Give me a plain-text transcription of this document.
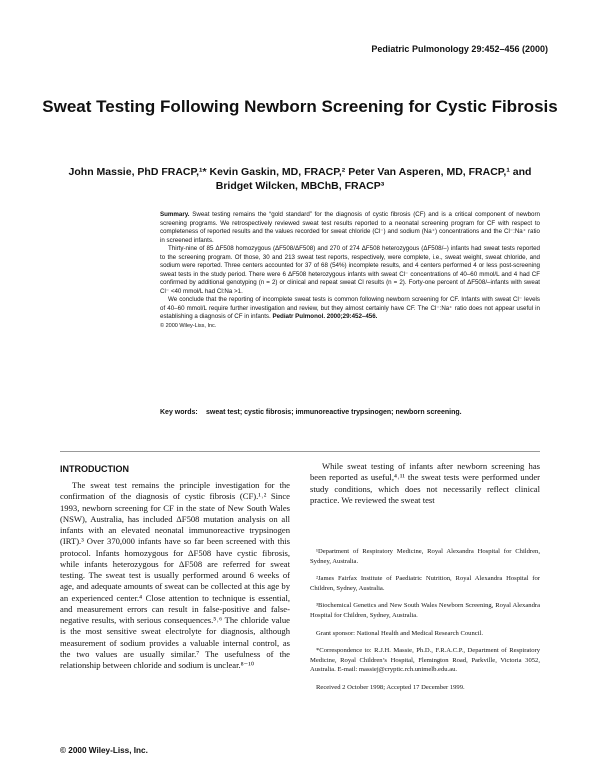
Pediatric Pulmonology 29:452–456 (2000)
Sweat Testing Following Newborn Screening for Cystic Fibrosis
John Massie, PhD FRACP,¹* Kevin Gaskin, MD, FRACP,² Peter Van Asperen, MD, FRACP,¹ and Bridget Wilcken, MBChB, FRACP³

Summary. Sweat testing remains the “gold standard” for the diagnosis of cystic fibrosis (CF) and is a critical component of newborn screening programs. We retrospectively reviewed sweat test results reported to a neonatal screening program for CF with respect to completeness of reported results and the values recorded for sweat chloride (Cl⁻) and sodium (Na⁺) concentrations and the Cl⁻:Na⁺ ratio in screened infants.

Thirty-nine of 85 ΔF508 homozygous (ΔF508/ΔF508) and 270 of 274 ΔF508 heterozygous (ΔF508/–) infants had sweat tests reported to the screening program. Of those, 30 and 213 sweat test reports, respectively, were complete, i.e., sweat weight, sweat chloride, and sodium were reported. Three centers accounted for 37 of 68 (54%) incomplete results, and 4 centers performed 4 or less post-screening sweat tests in the study period. There were 6 ΔF508 heterozygous infants with sweat Cl⁻ concentrations of 40–60 mmol/L and 4 had CF confirmed by additional genotyping (n = 2) or clinical and repeat sweat Cl results (n = 2). Forty-one percent of ΔF508/–infants with sweat Cl⁻ <40 mmol/L had Cl:Na >1.

We conclude that the reporting of incomplete sweat tests is common following newborn screening for CF. Infants with sweat Cl⁻ levels of 40–60 mmol/L require further investigation and review, but they almost certainly have CF. The Cl⁻:Na⁺ ratio does not appear useful in establishing a diagnosis of CF in infants. Pediatr Pulmonol. 2000;29:452–456.

© 2000 Wiley-Liss, Inc.

Key words: sweat test; cystic fibrosis; immunoreactive trypsinogen; newborn screening.
INTRODUCTION

The sweat test remains the principle investigation for the confirmation of the diagnosis of cystic fibrosis (CF).¹˒² Since 1993, newborn screening for CF in the state of New South Wales (NSW), Australia, has included ΔF508 mutation analysis on all infants with an elevated neonatal immunoreactive trypsinogen (IRT).³ Over 370,000 infants have so far been screened with this protocol. Infants homozygous for ΔF508 have cystic fibrosis, while infants heterozygous for ΔF508 are referred for sweat testing. The sweat test is usually performed around 6 weeks of age, and adequate amounts of sweat can be collected at this age by an experienced center.⁴ Close attention to technique is essential, and measurement errors can result in false-positive and false-negative results, with serious consequences.⁵˒⁶ The chloride value is the most sensitive sweat electrolyte for diagnosis, although measurement of sodium provides a valuable internal control, as the two values are usually similar.⁷ The usefulness of the relationship between chloride and sodium is unclear.⁸⁻¹⁰

While sweat testing of infants after newborn screening has been reported as useful,⁴˒¹¹ the sweat tests were performed under study conditions, which does not necessarily reflect clinical practice. We reviewed the sweat test

¹Department of Respiratory Medicine, Royal Alexandra Hospital for Children, Sydney, Australia.

²James Fairfax Institute of Paediatric Nutrition, Royal Alexandra Hospital for Children, Sydney, Australia.

³Biochemical Genetics and New South Wales Newborn Screening, Royal Alexandra Hospital for Children, Sydney, Australia.

Grant sponsor: National Health and Medical Research Council.

*Correspondence to: R.J.H. Massie, Ph.D., F.R.A.C.P., Department of Respiratory Medicine, Royal Children’s Hospital, Flemington Road, Parkville, Victoria 3052, Australia. E-mail: massiej@cryptic.rch.unimelb.edu.au.

Received 2 October 1998; Accepted 17 December 1999.

© 2000 Wiley-Liss, Inc.
